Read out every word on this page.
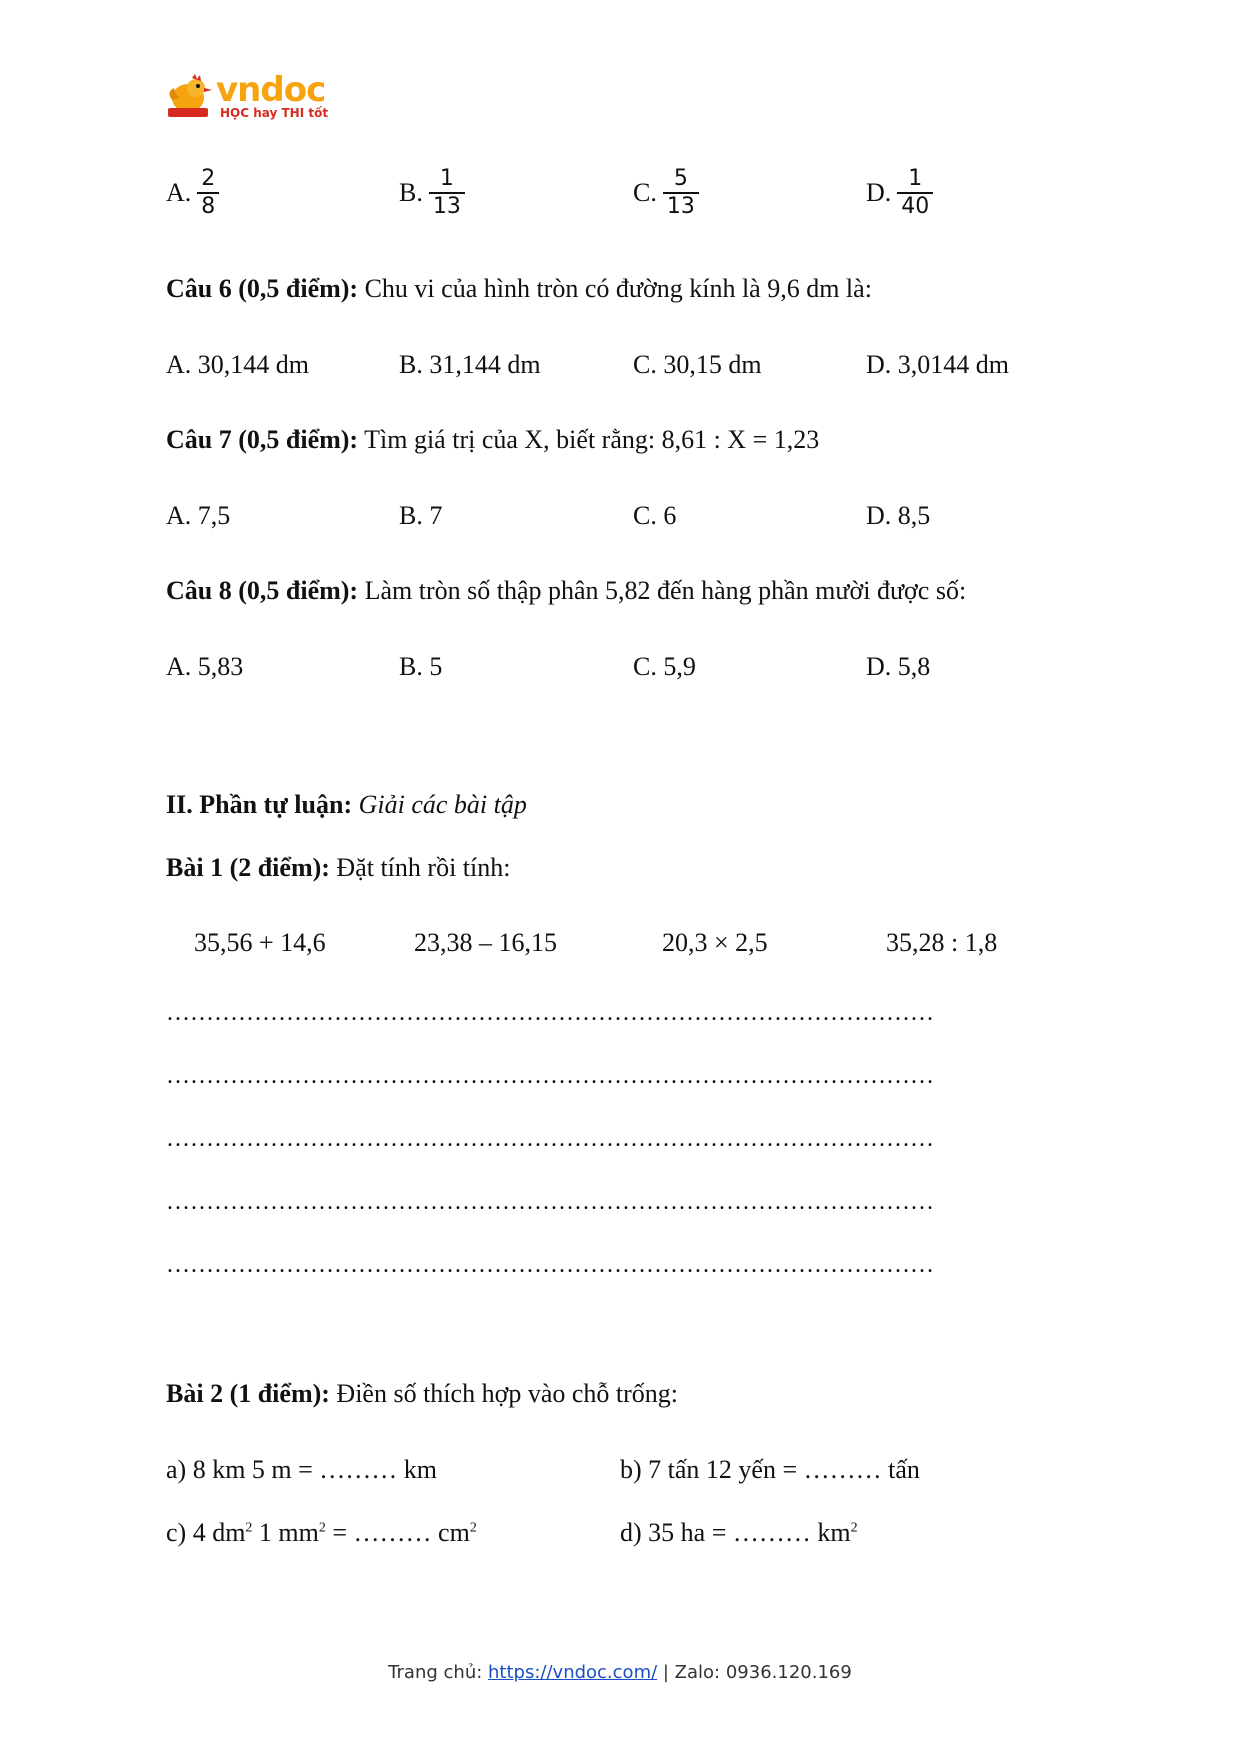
vndoc
HỌC hay THI tốt
A. $\frac{2}{8}$	B. $\frac{1}{13}$	C. $\frac{5}{13}$	D. $\frac{1}{40}$
Câu 6 (0,5 điểm): Chu vi của hình tròn có đường kính là 9,6 dm là:
A. 30,144 dm	B. 31,144 dm	C. 30,15 dm	D. 3,0144 dm
Câu 7 (0,5 điểm): Tìm giá trị của X, biết rằng: 8,61 : X = 1,23
A. 7,5	B. 7	C. 6	D. 8,5
Câu 8 (0,5 điểm): Làm tròn số thập phân 5,82 đến hàng phần mười được số:
A. 5,83	B. 5	C. 5,9	D. 5,8
II. Phần tự luận: Giải các bài tập
Bài 1 (2 điểm): Đặt tính rồi tính:
35,56 + 14,6	23,38 – 16,15	20,3 × 2,5	35,28 : 1,8
……………………………………………………………………………………
……………………………………………………………………………………
……………………………………………………………………………………
……………………………………………………………………………………
……………………………………………………………………………………
Bài 2 (1 điểm): Điền số thích hợp vào chỗ trống:
a) 8 km 5 m = ……… km	b) 7 tấn 12 yến = ……… tấn
c) 4 $dm^2$ 1 $mm^2$ = ……… $cm^2$	d) 35 ha = ……… $km^2$
Trang chủ: https://vndoc.com/ | Zalo: 0936.120.169
